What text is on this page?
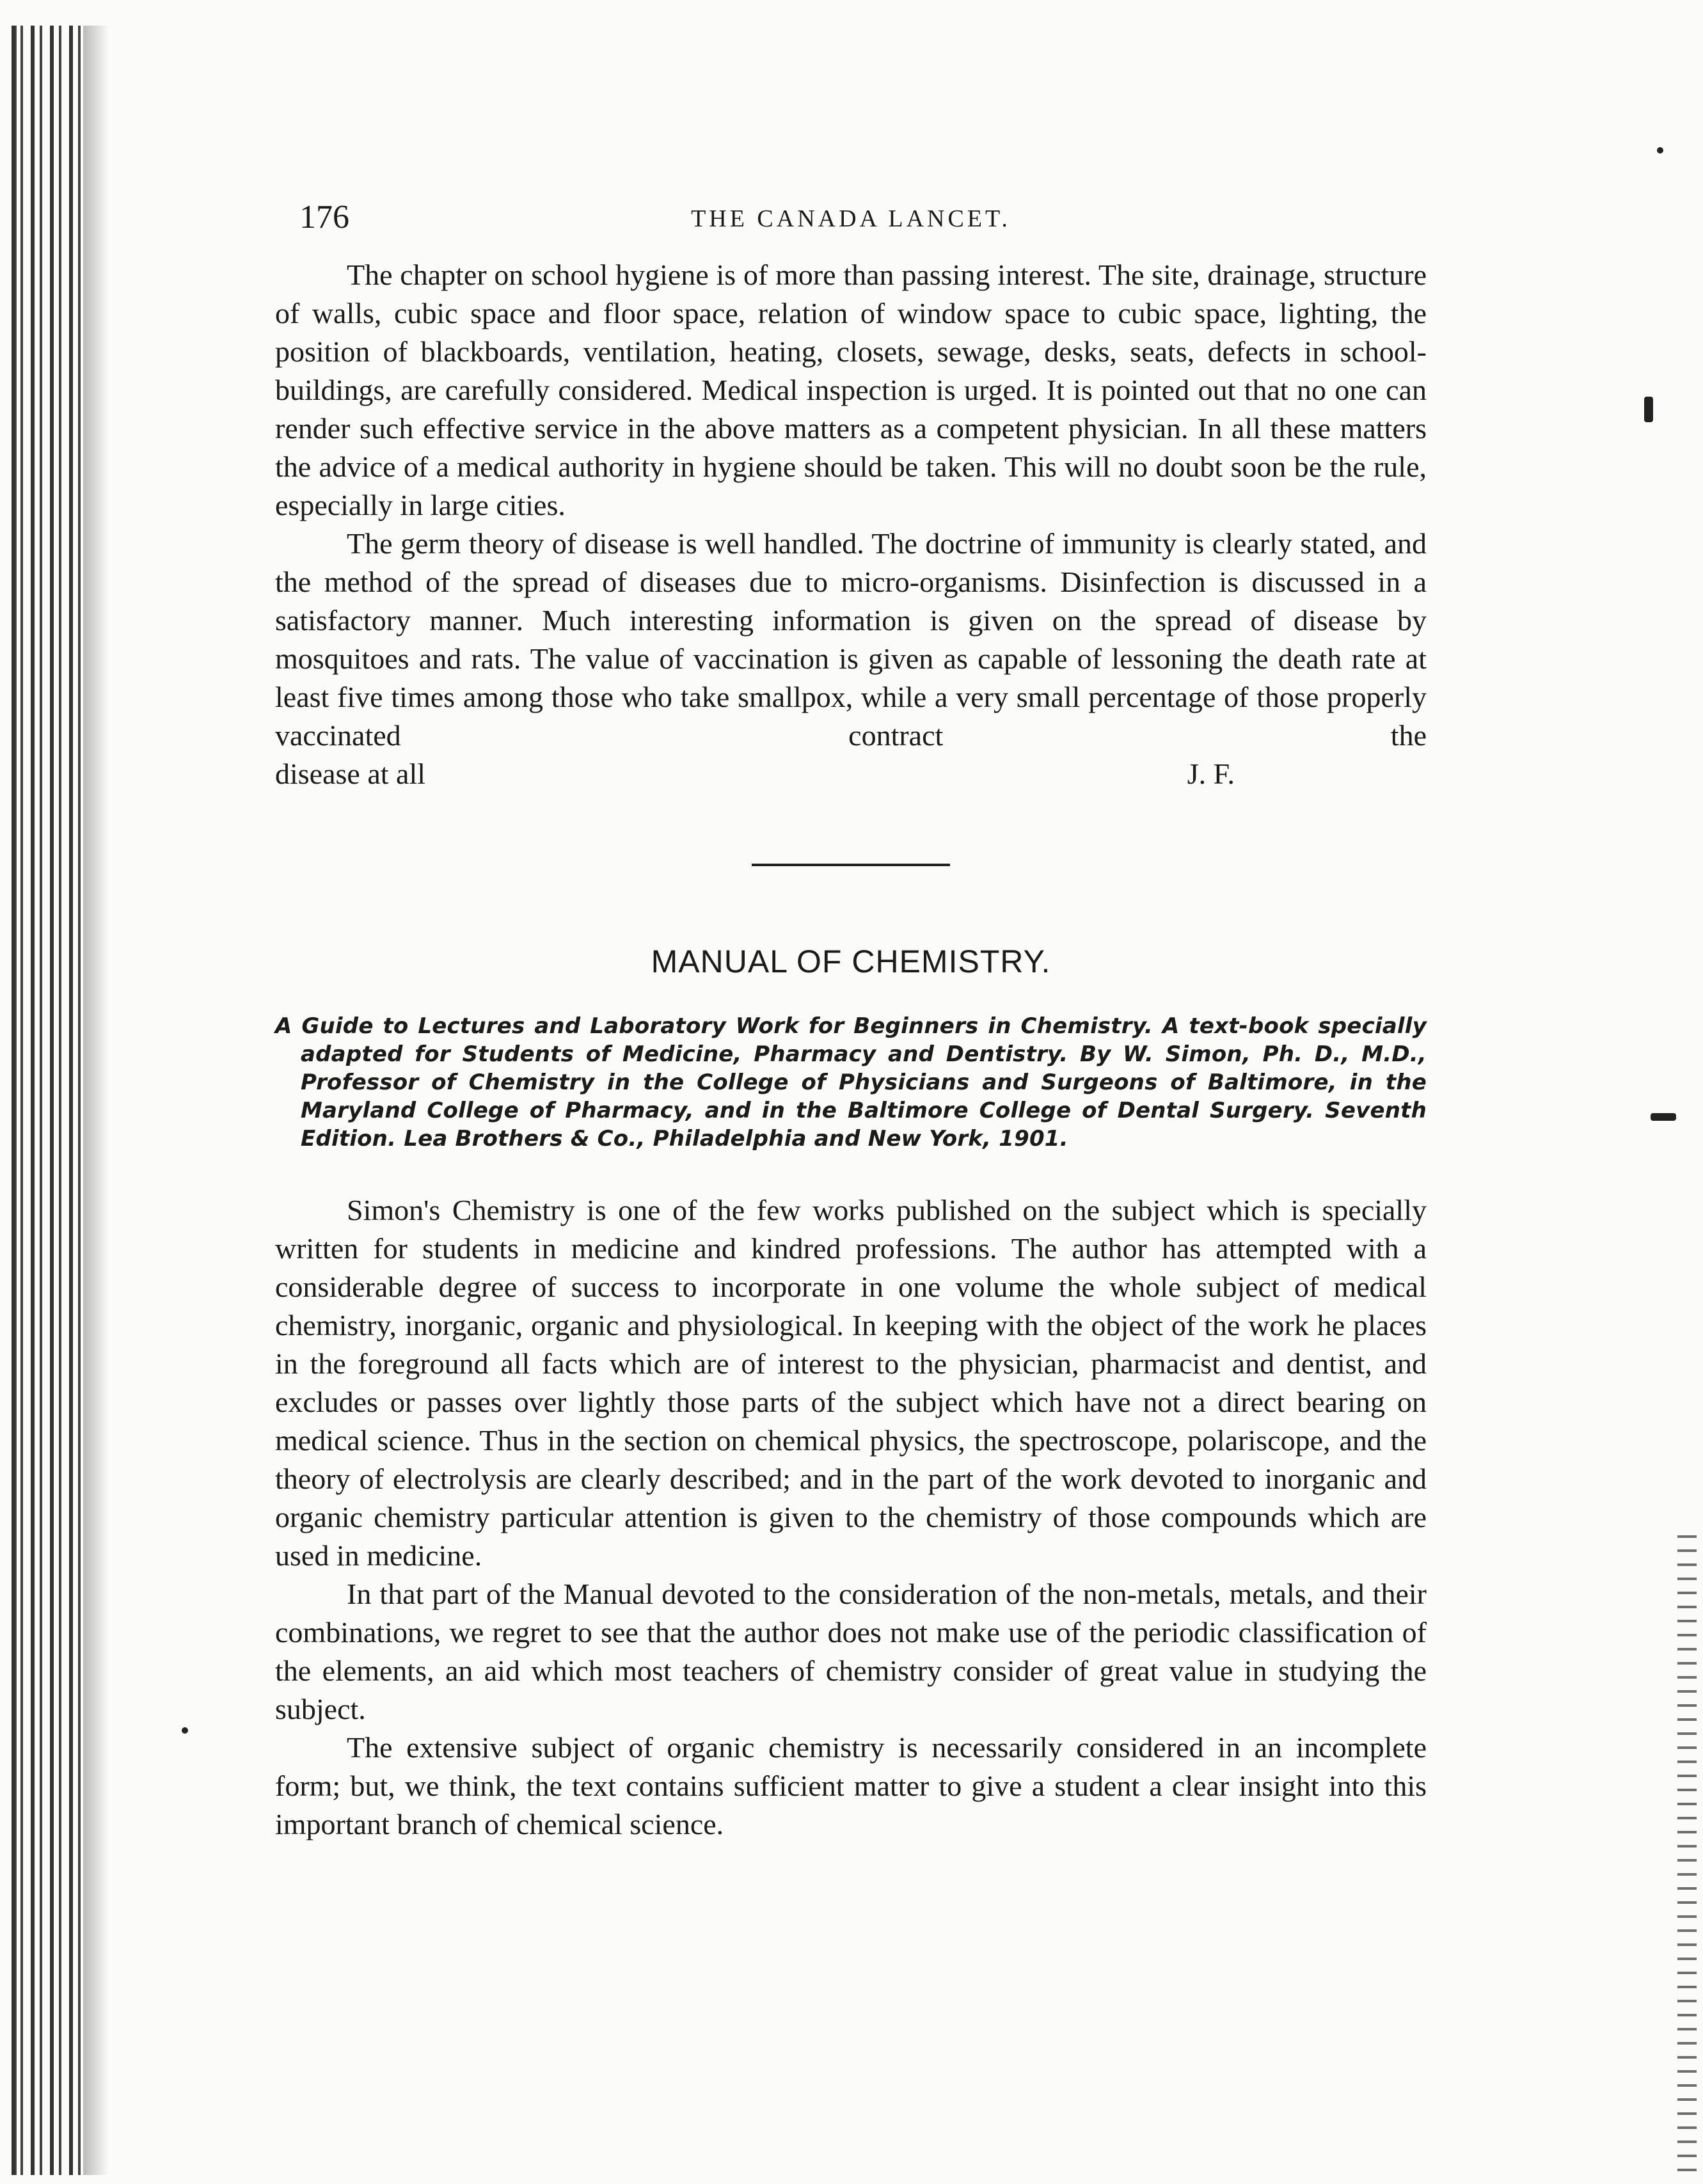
176	THE CANADA LANCET.

The chapter on school hygiene is of more than passing interest. The site, drainage, structure of walls, cubic space and floor space, relation of window space to cubic space, lighting, the position of blackboards, ventilation, heating, closets, sewage, desks, seats, defects in school-buildings, are carefully considered. Medical inspection is urged. It is pointed out that no one can render such effective service in the above matters as a competent physician. In all these matters the advice of a medical authority in hygiene should be taken. This will no doubt soon be the rule, especially in large cities.

The germ theory of disease is well handled. The doctrine of immunity is clearly stated, and the method of the spread of diseases due to micro-organisms. Disinfection is discussed in a satisfactory manner. Much interesting information is given on the spread of disease by mosquitoes and rats. The value of vaccination is given as capable of lessoning the death rate at least five times among those who take smallpox, while a very small percentage of those properly vaccinated contract the

disease at all	J. F.
MANUAL OF CHEMISTRY.

A Guide to Lectures and Laboratory Work for Beginners in Chemistry. A text-book specially adapted for Students of Medicine, Pharmacy and Dentistry. By W. Simon, Ph. D., M.D., Professor of Chemistry in the College of Physicians and Surgeons of Baltimore, in the Maryland College of Pharmacy, and in the Baltimore College of Dental Surgery. Seventh Edition. Lea Brothers & Co., Philadelphia and New York, 1901.

Simon's Chemistry is one of the few works published on the subject which is specially written for students in medicine and kindred professions. The author has attempted with a considerable degree of success to incorporate in one volume the whole subject of medical chemistry, inorganic, organic and physiological. In keeping with the object of the work he places in the foreground all facts which are of interest to the physician, pharmacist and dentist, and excludes or passes over lightly those parts of the subject which have not a direct bearing on medical science. Thus in the section on chemical physics, the spectroscope, polariscope, and the theory of electrolysis are clearly described; and in the part of the work devoted to inorganic and organic chemistry particular attention is given to the chemistry of those compounds which are used in medicine.

In that part of the Manual devoted to the consideration of the non-metals, metals, and their combinations, we regret to see that the author does not make use of the periodic classification of the elements, an aid which most teachers of chemistry consider of great value in studying the subject.

The extensive subject of organic chemistry is necessarily considered in an incomplete form; but, we think, the text contains sufficient matter to give a student a clear insight into this important branch of chemical science.
